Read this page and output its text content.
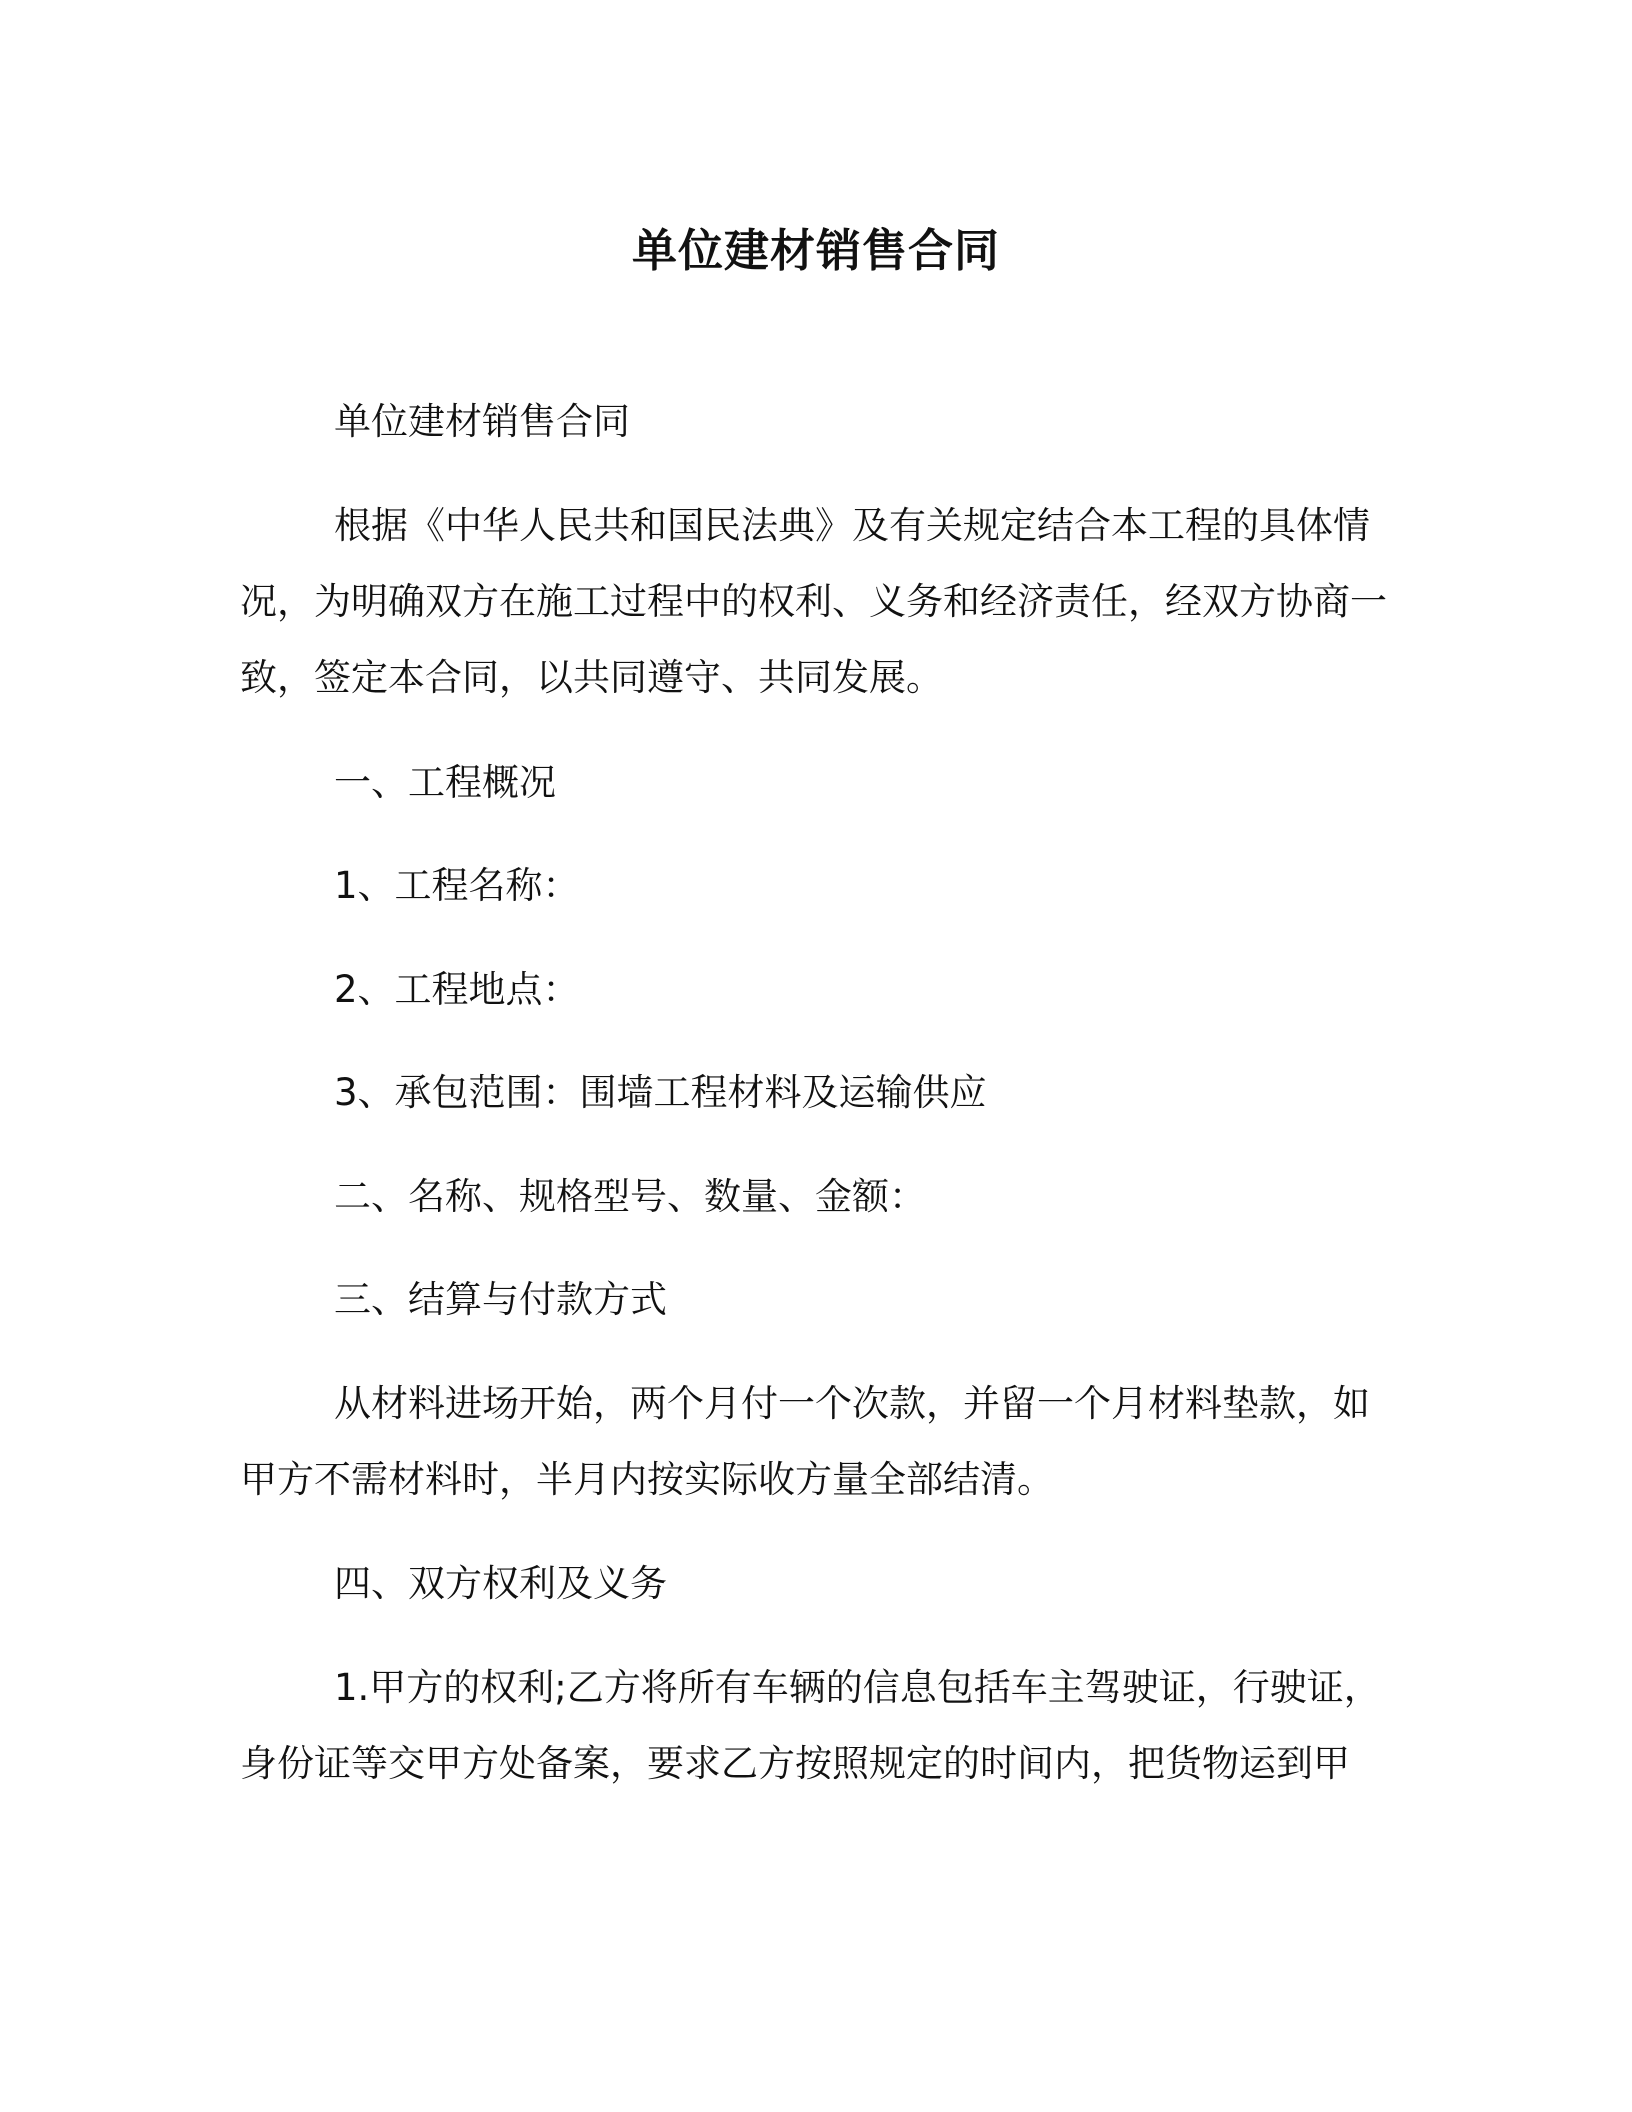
单位建材销售合同

单位建材销售合同

根据《中华人民共和国民法典》及有关规定结合本工程的具体情况，为明确双方在施工过程中的权利、义务和经济责任，经双方协商一致，签定本合同，以共同遵守、共同发展。

一、工程概况

1、工程名称：

2、工程地点：

3、承包范围：围墙工程材料及运输供应

二、名称、规格型号、数量、金额：

三、结算与付款方式

从材料进场开始，两个月付一个次款，并留一个月材料垫款，如甲方不需材料时，半月内按实际收方量全部结清。

四、双方权利及义务

1.甲方的权利;乙方将所有车辆的信息包括车主驾驶证，行驶证，身份证等交甲方处备案，要求乙方按照规定的时间内，把货物运到甲
